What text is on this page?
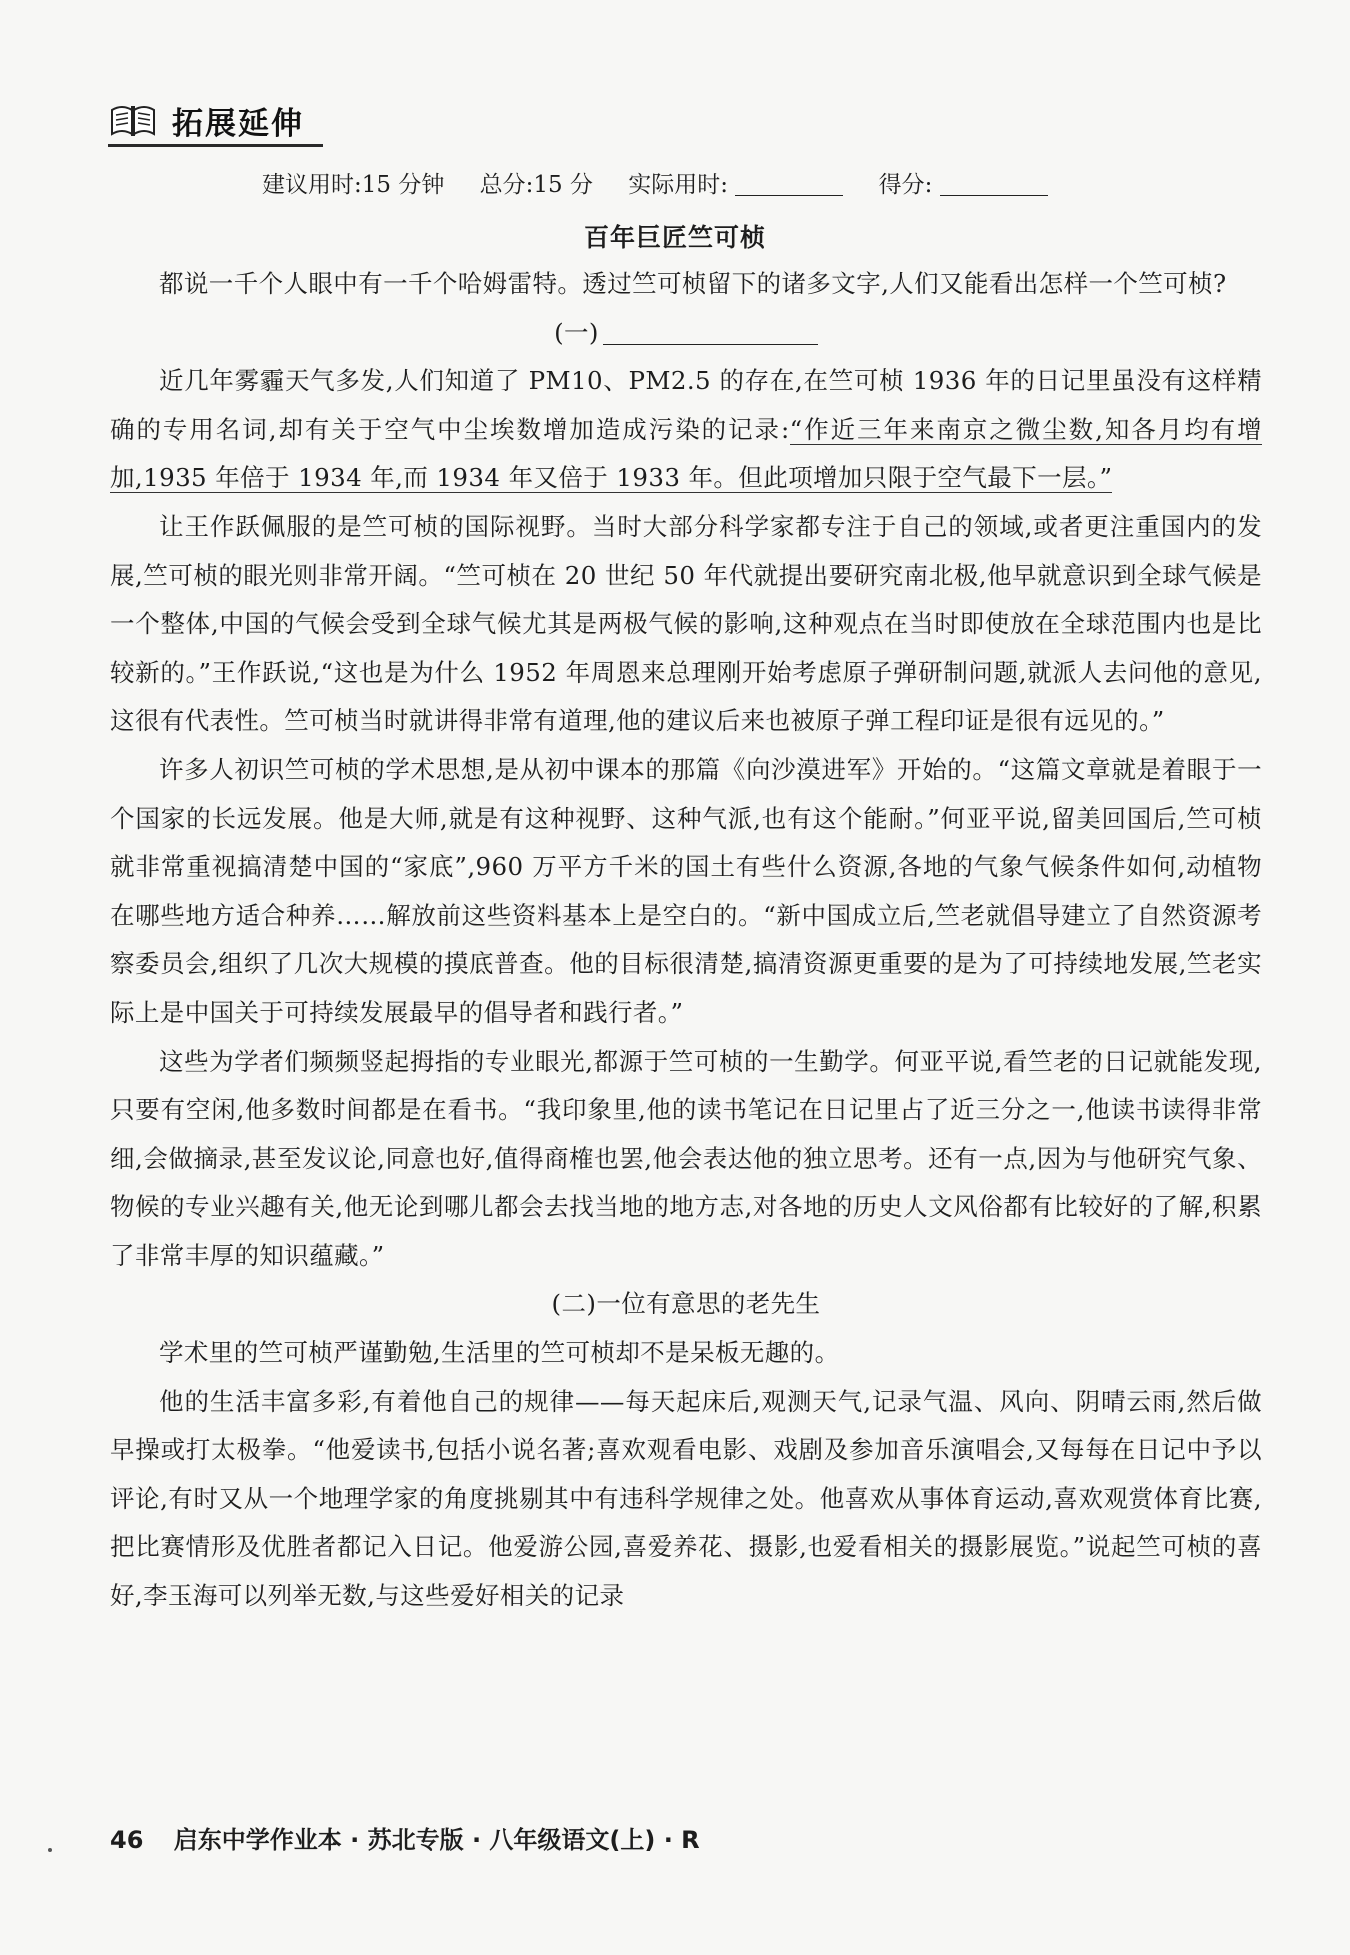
拓展延伸
建议用时:15 分钟 总分:15 分 实际用时:	得分:
百年巨匠竺可桢

都说一千个人眼中有一千个哈姆雷特。透过竺可桢留下的诸多文字,人们又能看出怎样一个竺可桢?

(一)

近几年雾霾天气多发,人们知道了 PM10、PM2.5 的存在,在竺可桢 1936 年的日记里虽没有这样精确的专用名词,却有关于空气中尘埃数增加造成污染的记录:“作近三年来南京之微尘数,知各月均有增加,1935 年倍于 1934 年,而 1934 年又倍于 1933 年。但此项增加只限于空气最下一层。”

让王作跃佩服的是竺可桢的国际视野。当时大部分科学家都专注于自己的领域,或者更注重国内的发展,竺可桢的眼光则非常开阔。“竺可桢在 20 世纪 50 年代就提出要研究南北极,他早就意识到全球气候是一个整体,中国的气候会受到全球气候尤其是两极气候的影响,这种观点在当时即使放在全球范围内也是比较新的。”王作跃说,“这也是为什么 1952 年周恩来总理刚开始考虑原子弹研制问题,就派人去问他的意见,这很有代表性。竺可桢当时就讲得非常有道理,他的建议后来也被原子弹工程印证是很有远见的。”

许多人初识竺可桢的学术思想,是从初中课本的那篇《向沙漠进军》开始的。“这篇文章就是着眼于一个国家的长远发展。他是大师,就是有这种视野、这种气派,也有这个能耐。”何亚平说,留美回国后,竺可桢就非常重视搞清楚中国的“家底”,960 万平方千米的国土有些什么资源,各地的气象气候条件如何,动植物在哪些地方适合种养……解放前这些资料基本上是空白的。“新中国成立后,竺老就倡导建立了自然资源考察委员会,组织了几次大规模的摸底普查。他的目标很清楚,搞清资源更重要的是为了可持续地发展,竺老实际上是中国关于可持续发展最早的倡导者和践行者。”

这些为学者们频频竖起拇指的专业眼光,都源于竺可桢的一生勤学。何亚平说,看竺老的日记就能发现,只要有空闲,他多数时间都是在看书。“我印象里,他的读书笔记在日记里占了近三分之一,他读书读得非常细,会做摘录,甚至发议论,同意也好,值得商榷也罢,他会表达他的独立思考。还有一点,因为与他研究气象、物候的专业兴趣有关,他无论到哪儿都会去找当地的地方志,对各地的历史人文风俗都有比较好的了解,积累了非常丰厚的知识蕴藏。”

(二)一位有意思的老先生

学术里的竺可桢严谨勤勉,生活里的竺可桢却不是呆板无趣的。

他的生活丰富多彩,有着他自己的规律——每天起床后,观测天气,记录气温、风向、阴晴云雨,然后做早操或打太极拳。“他爱读书,包括小说名著;喜欢观看电影、戏剧及参加音乐演唱会,又每每在日记中予以评论,有时又从一个地理学家的角度挑剔其中有违科学规律之处。他喜欢从事体育运动,喜欢观赏体育比赛,把比赛情形及优胜者都记入日记。他爱游公园,喜爱养花、摄影,也爱看相关的摄影展览。”说起竺可桢的喜好,李玉海可以列举无数,与这些爱好相关的记录

46 启东中学作业本 · 苏北专版 · 八年级语文(上) · R
